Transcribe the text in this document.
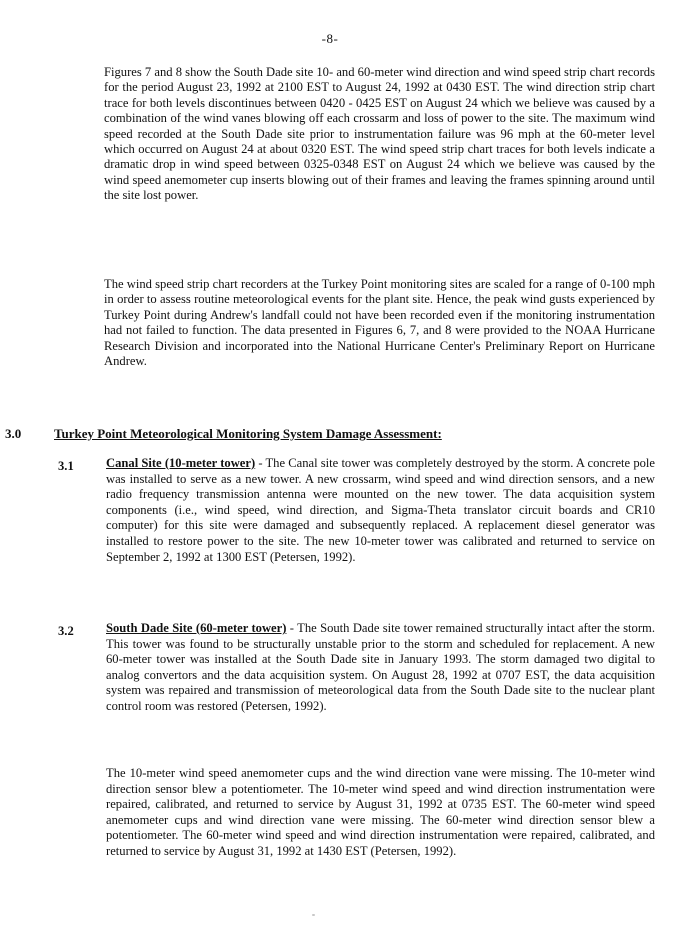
-8-

Figures 7 and 8 show the South Dade site 10- and 60-meter wind direction and wind speed strip chart records for the period August 23, 1992 at 2100 EST to August 24, 1992 at 0430 EST. The wind direction strip chart trace for both levels discontinues between 0420 - 0425 EST on August 24 which we believe was caused by a combination of the wind vanes blowing off each crossarm and loss of power to the site. The maximum wind speed recorded at the South Dade site prior to instrumentation failure was 96 mph at the 60-meter level which occurred on August 24 at about 0320 EST. The wind speed strip chart traces for both levels indicate a dramatic drop in wind speed between 0325-0348 EST on August 24 which we believe was caused by the wind speed anemometer cup inserts blowing out of their frames and leaving the frames spinning around until the site lost power.

The wind speed strip chart recorders at the Turkey Point monitoring sites are scaled for a range of 0-100 mph in order to assess routine meteorological events for the plant site. Hence, the peak wind gusts experienced by Turkey Point during Andrew's landfall could not have been recorded even if the monitoring instrumentation had not failed to function. The data presented in Figures 6, 7, and 8 were provided to the NOAA Hurricane Research Division and incorporated into the National Hurricane Center's Preliminary Report on Hurricane Andrew.

3.0	Turkey Point Meteorological Monitoring System Damage Assessment:
3.1	Canal Site (10-meter tower) - The Canal site tower was completely destroyed by the storm. A concrete pole was installed to serve as a new tower. A new crossarm, wind speed and wind direction sensors, and a new radio frequency transmission antenna were mounted on the new tower. The data acquisition system components (i.e., wind speed, wind direction, and Sigma-Theta translator circuit boards and CR10 computer) for this site were damaged and subsequently replaced. A replacement diesel generator was installed to restore power to the site. The new 10-meter tower was calibrated and returned to service on September 2, 1992 at 1300 EST (Petersen, 1992).

3.2	South Dade Site (60-meter tower) - The South Dade site tower remained structurally intact after the storm. This tower was found to be structurally unstable prior to the storm and scheduled for replacement. A new 60-meter tower was installed at the South Dade site in January 1993. The storm damaged two digital to analog convertors and the data acquisition system. On August 28, 1992 at 0707 EST, the data acquisition system was repaired and transmission of meteorological data from the South Dade site to the nuclear plant control room was restored (Petersen, 1992).

The 10-meter wind speed anemometer cups and the wind direction vane were missing. The 10-meter wind direction sensor blew a potentiometer. The 10-meter wind speed and wind direction instrumentation were repaired, calibrated, and returned to service by August 31, 1992 at 0735 EST. The 60-meter wind speed anemometer cups and wind direction vane were missing. The 60-meter wind direction sensor blew a potentiometer. The 60-meter wind speed and wind direction instrumentation were repaired, calibrated, and returned to service by August 31, 1992 at 1430 EST (Petersen, 1992).
